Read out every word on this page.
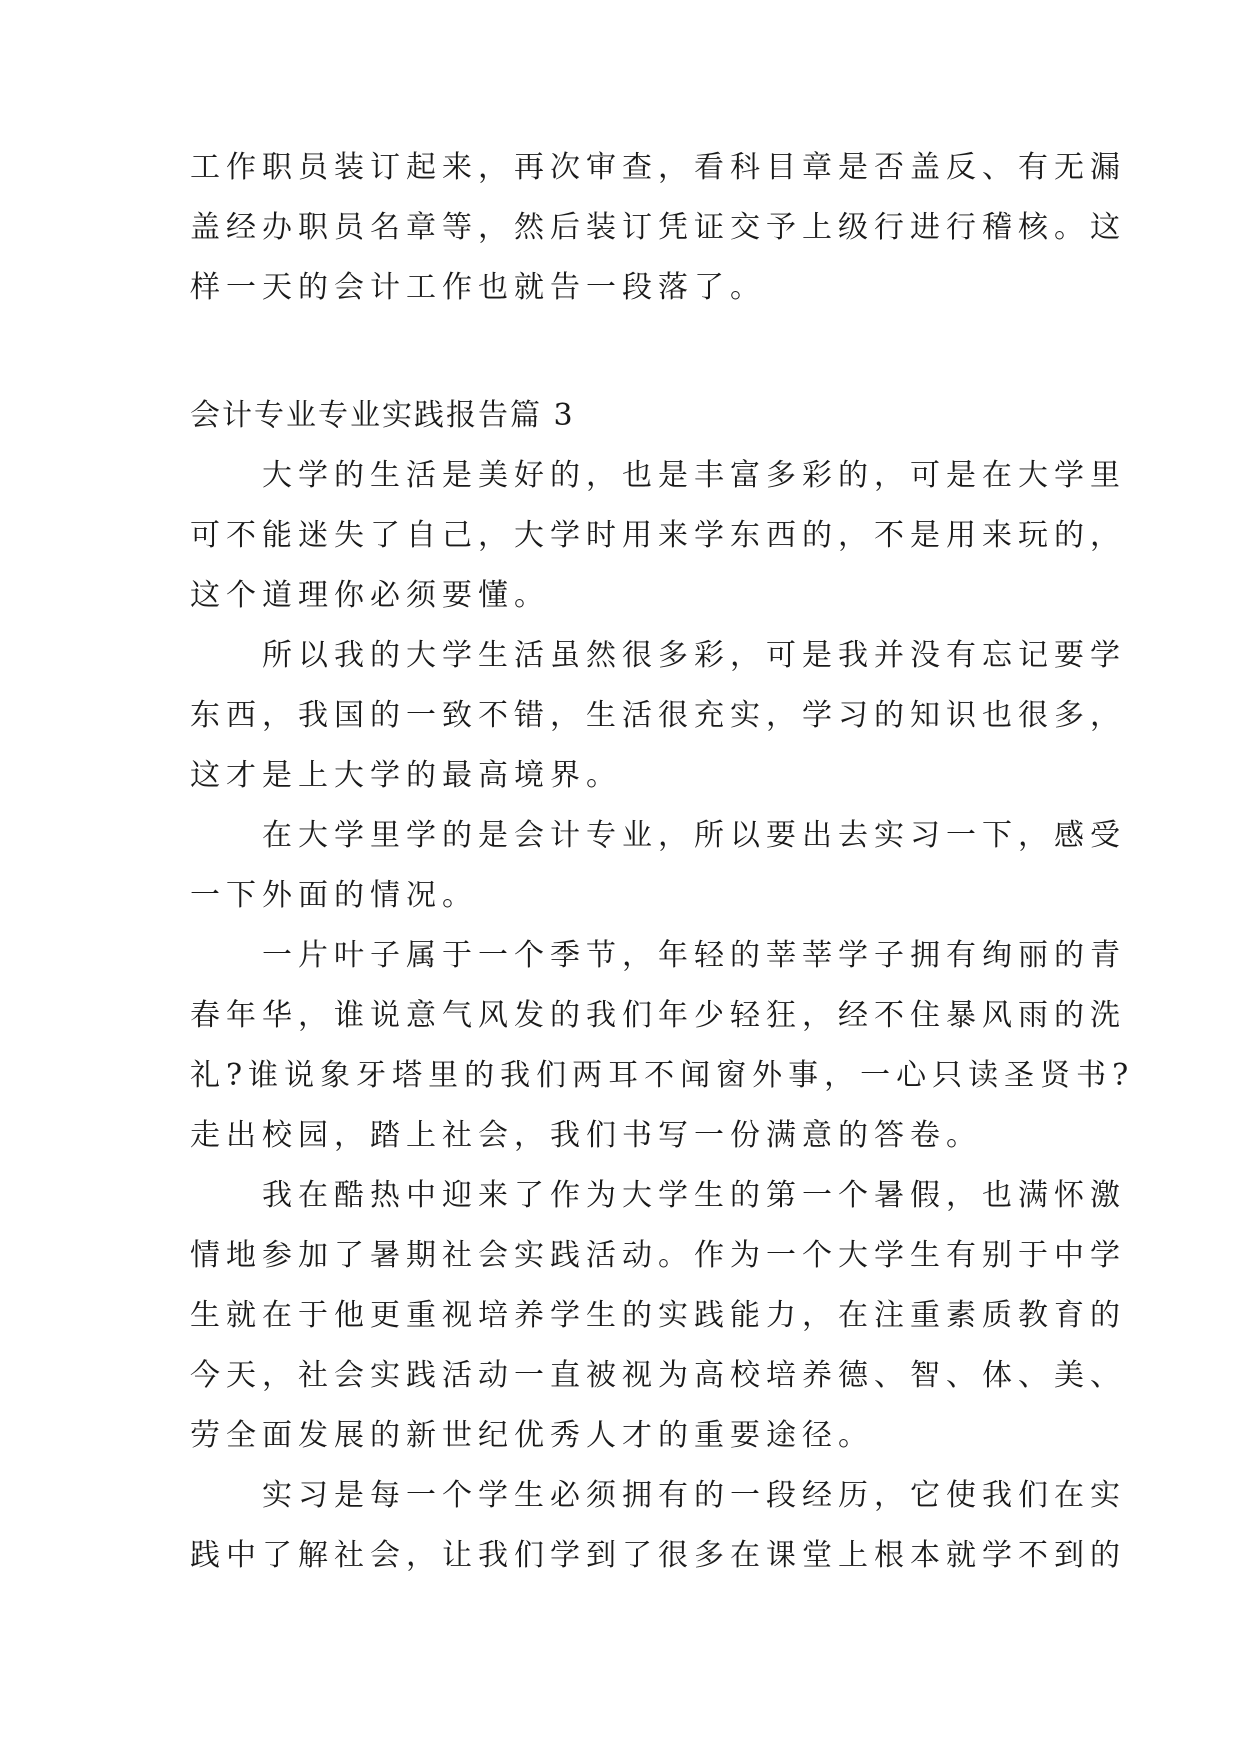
工作职员装订起来，再次审查，看科目章是否盖反、有无漏
盖经办职员名章等，然后装订凭证交予上级行进行稽核。这
样一天的会计工作也就告一段落了。
会计专业专业实践报告篇 3
　　大学的生活是美好的，也是丰富多彩的，可是在大学里
可不能迷失了自己，大学时用来学东西的，不是用来玩的，
这个道理你必须要懂。
　　所以我的大学生活虽然很多彩，可是我并没有忘记要学
东西，我国的一致不错，生活很充实，学习的知识也很多，
这才是上大学的最高境界。
　　在大学里学的是会计专业，所以要出去实习一下，感受
一下外面的情况。
　　一片叶子属于一个季节，年轻的莘莘学子拥有绚丽的青
春年华，谁说意气风发的我们年少轻狂，经不住暴风雨的洗
礼?谁说象牙塔里的我们两耳不闻窗外事，一心只读圣贤书?
走出校园，踏上社会，我们书写一份满意的答卷。
　　我在酷热中迎来了作为大学生的第一个暑假，也满怀激
情地参加了暑期社会实践活动。作为一个大学生有别于中学
生就在于他更重视培养学生的实践能力，在注重素质教育的
今天，社会实践活动一直被视为高校培养德、智、体、美、
劳全面发展的新世纪优秀人才的重要途径。
　　实习是每一个学生必须拥有的一段经历，它使我们在实
践中了解社会，让我们学到了很多在课堂上根本就学不到的
